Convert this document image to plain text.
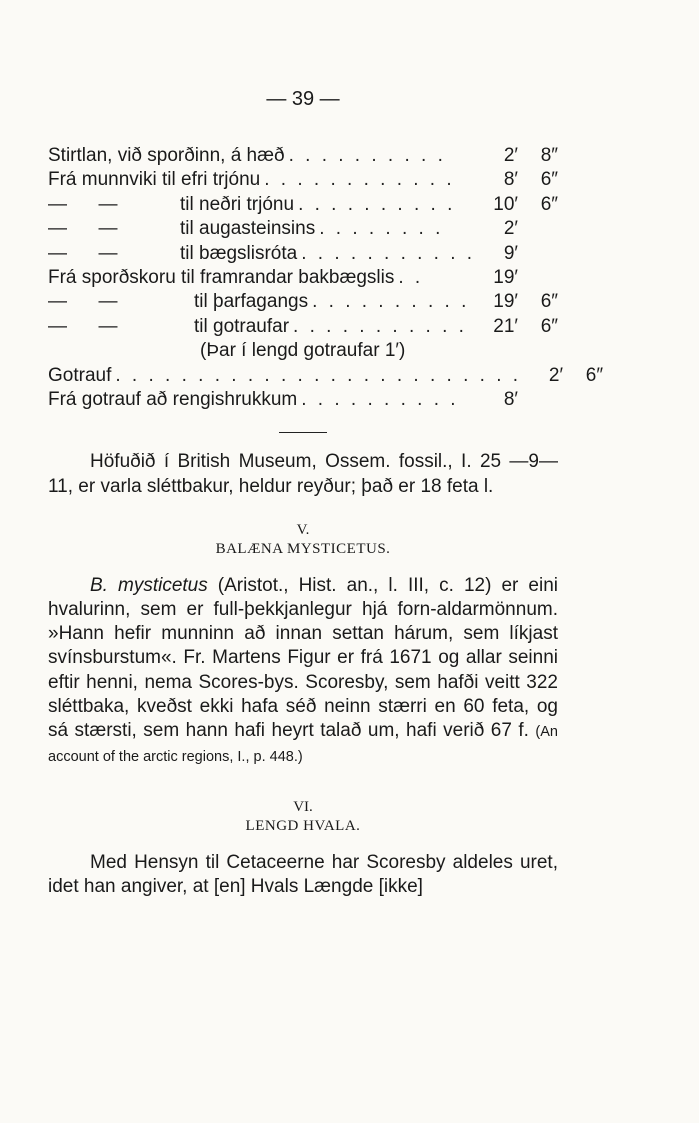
— 39 —
Stirtlan, við sporðinn, á hæð . . . . . . . . . .	2′	8″
Frá munnviki til efri trjónu . . . . . . . . . . . .	8′	6″
—	—	til neðri trjónu . . . . . . . . . .	10′	6″
—	—	til augasteinsins . . . . . . . .	2′
—	—	til bægslisróta . . . . . . . . . . .	9′
Frá sporðskoru til framrandar bakbægslis . .	19′
—	—	til þarfagangs . . . . . . . . . .	19′	6″
—	—	til gotraufar . . . . . . . . . . .	21′	6″
(Þar í lengd gotraufar 1′)
Gotrauf . . . . . . . . . . . . . . . . . . . . . . . . .	2′	6″
Frá gotrauf að rengishrukkum . . . . . . . . . .	8′

Höfuðið í British Museum, Ossem. fossil., I. 25 —9—11, er varla sléttbakur, heldur reyður; það er 18 feta l.

V.
BALÆNA MYSTICETUS.

B. mysticetus (Aristot., Hist. an., l. III, c. 12) er eini hvalurinn, sem er full-þekkjanlegur hjá forn-aldarmönnum. »Hann hefir munninn að innan settan hárum, sem líkjast svínsburstum«. Fr. Martens Figur er frá 1671 og allar seinni eftir henni, nema Scores-bys. Scoresby, sem hafði veitt 322 sléttbaka, kveðst ekki hafa séð neinn stærri en 60 feta, og sá stærsti, sem hann hafi heyrt talað um, hafi verið 67 f. (An account of the arctic regions, I., p. 448.)

VI.
LENGD HVALA.

Med Hensyn til Cetaceerne har Scoresby aldeles uret, idet han angiver, at [en] Hvals Længde [ikke]
